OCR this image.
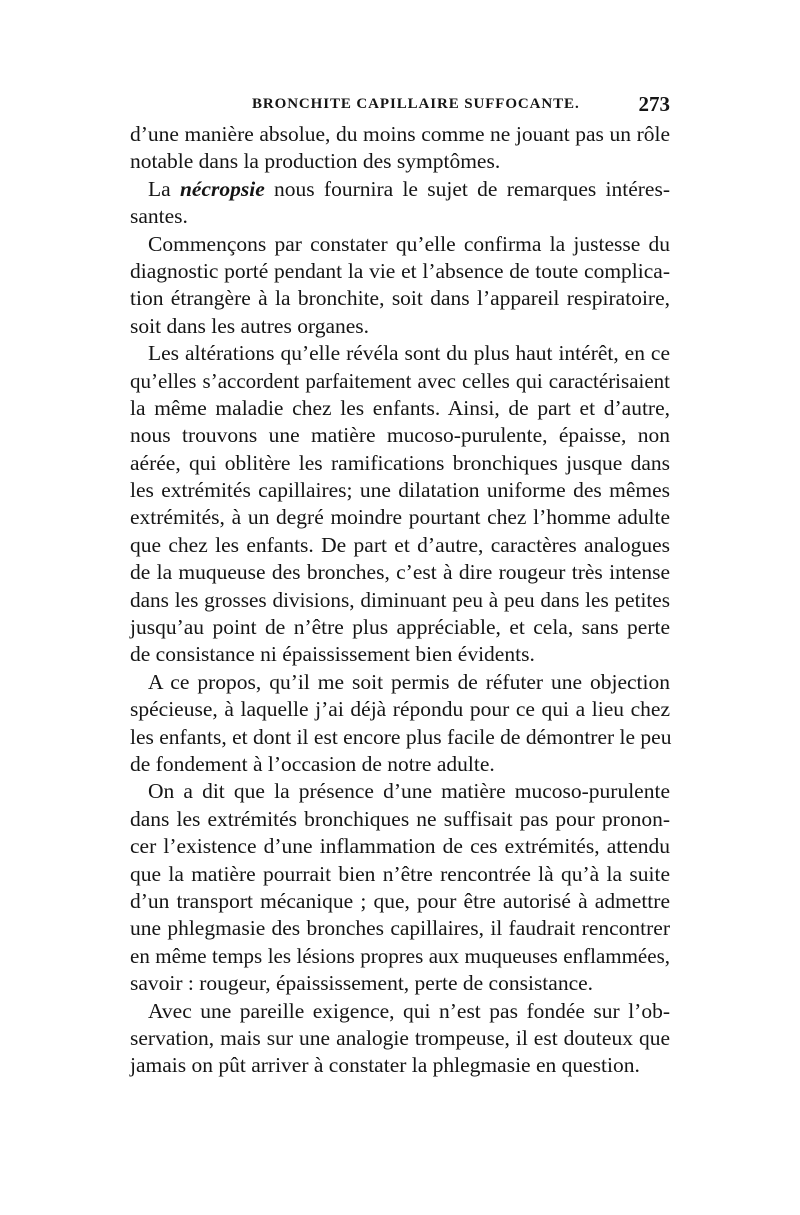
BRONCHITE CAPILLAIRE SUFFOCANTE.	273
d’une manière absolue, du moins comme ne jouant pas un rôle
notable dans la production des symptômes.
La nécropsie nous fournira le sujet de remarques intéres-
santes.
Commençons par constater qu’elle confirma la justesse du
diagnostic porté pendant la vie et l’absence de toute complica-
tion étrangère à la bronchite, soit dans l’appareil respiratoire,
soit dans les autres organes.
Les altérations qu’elle révéla sont du plus haut intérêt, en ce
qu’elles s’accordent parfaitement avec celles qui caractérisaient
la même maladie chez les enfants. Ainsi, de part et d’autre,
nous trouvons une matière mucoso-purulente, épaisse, non
aérée, qui oblitère les ramifications bronchiques jusque dans
les extrémités capillaires; une dilatation uniforme des mêmes
extrémités, à un degré moindre pourtant chez l’homme adulte
que chez les enfants. De part et d’autre, caractères analogues
de la muqueuse des bronches, c’est à dire rougeur très intense
dans les grosses divisions, diminuant peu à peu dans les petites
jusqu’au point de n’être plus appréciable, et cela, sans perte
de consistance ni épaississement bien évidents.
A ce propos, qu’il me soit permis de réfuter une objection
spécieuse, à laquelle j’ai déjà répondu pour ce qui a lieu chez
les enfants, et dont il est encore plus facile de démontrer le peu
de fondement à l’occasion de notre adulte.
On a dit que la présence d’une matière mucoso-purulente
dans les extrémités bronchiques ne suffisait pas pour pronon-
cer l’existence d’une inflammation de ces extrémités, attendu
que la matière pourrait bien n’être rencontrée là qu’à la suite
d’un transport mécanique ; que, pour être autorisé à admettre
une phlegmasie des bronches capillaires, il faudrait rencontrer
en même temps les lésions propres aux muqueuses enflammées,
savoir : rougeur, épaississement, perte de consistance.
Avec une pareille exigence, qui n’est pas fondée sur l’ob-
servation, mais sur une analogie trompeuse, il est douteux que
jamais on pût arriver à constater la phlegmasie en question.
